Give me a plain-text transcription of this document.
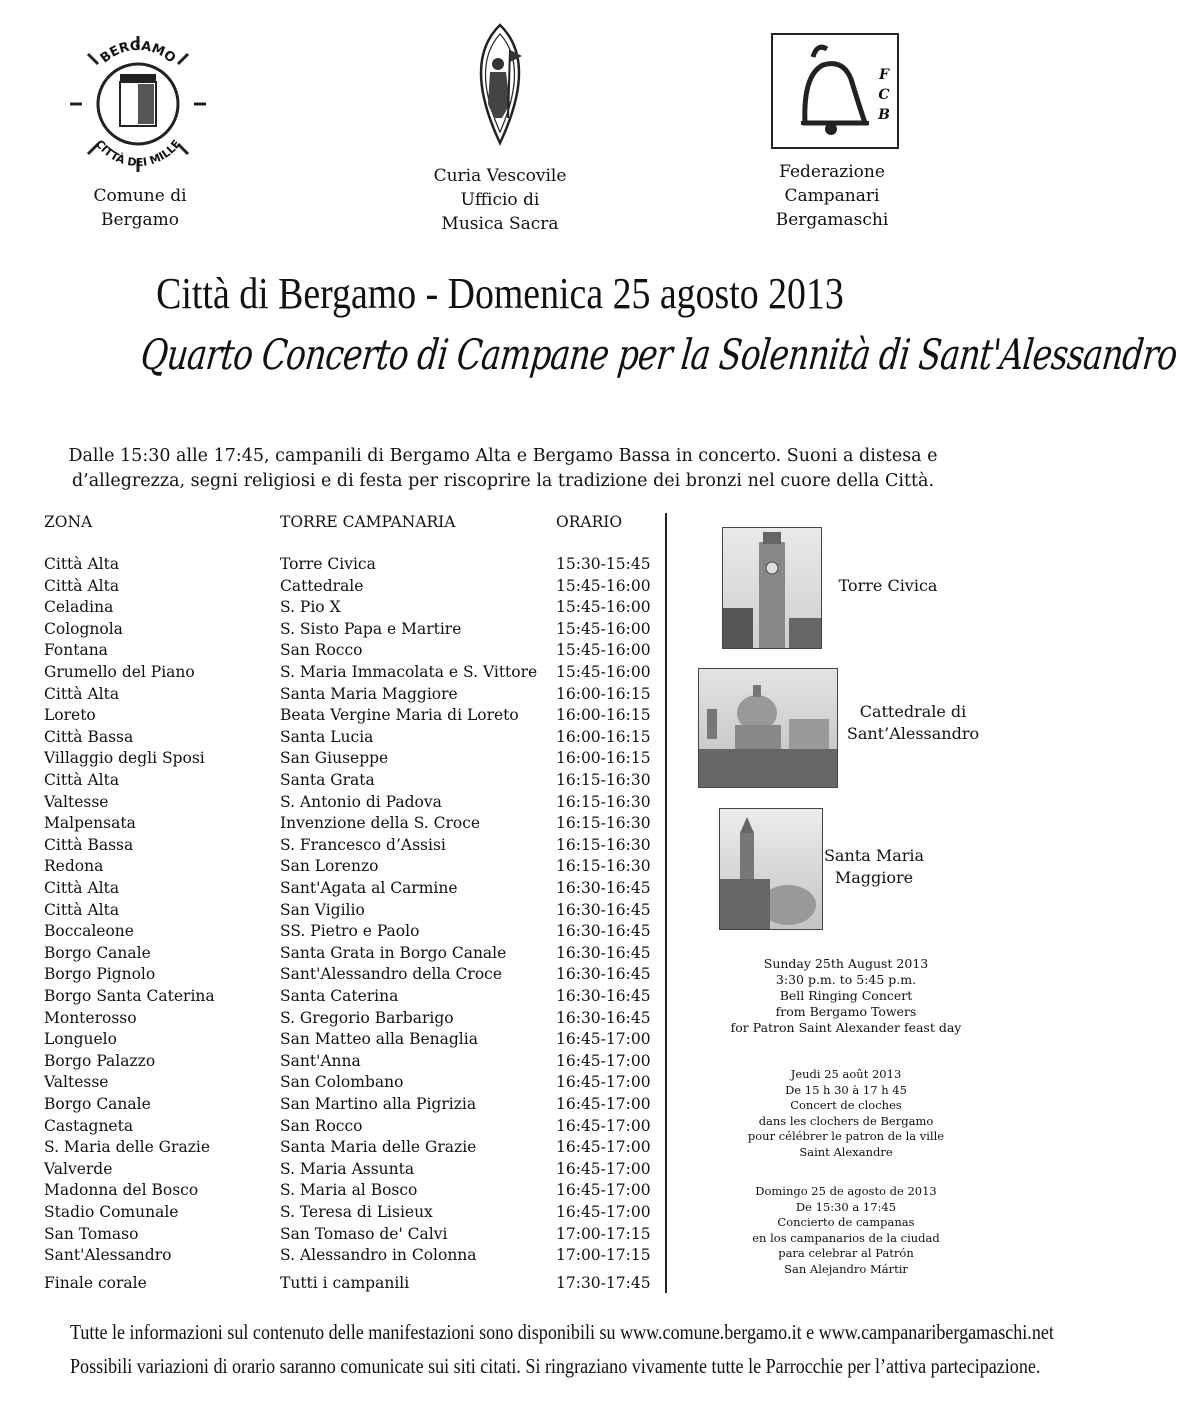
BERGAMO
CITTÀ DEI MILLE
Comune di
Bergamo
Curia Vescovile
Ufficio di
Musica Sacra
FCB
Federazione
Campanari
Bergamaschi
Città di Bergamo - Domenica 25 agosto 2013
Quarto Concerto di Campane per la Solennità di Sant'Alessandro
Dalle 15:30 alle 17:45, campanili di Bergamo Alta e Bergamo Bassa in concerto. Suoni a distesa e
d’allegrezza, segni religiosi e di festa per riscoprire la tradizione dei bronzi nel cuore della Città.
ZONA	TORRE CAMPANARIA	ORARIO
Città Alta	Torre Civica	15:30-15:45
Città Alta	Cattedrale	15:45-16:00
Celadina	S. Pio X	15:45-16:00
Colognola	S. Sisto Papa e Martire	15:45-16:00
Fontana	San Rocco	15:45-16:00
Grumello del Piano	S. Maria Immacolata e S. Vittore 15:45-16:00
Città Alta	Santa Maria Maggiore	16:00-16:15
Loreto	Beata Vergine Maria di Loreto 16:00-16:15
Città Bassa	Santa Lucia	16:00-16:15
Villaggio degli Sposi	San Giuseppe	16:00-16:15
Città Alta	Santa Grata	16:15-16:30
Valtesse	S. Antonio di Padova	16:15-16:30
Malpensata	Invenzione della S. Croce	16:15-16:30
Città Bassa	S. Francesco d’Assisi	16:15-16:30
Redona	San Lorenzo	16:15-16:30
Città Alta	Sant'Agata al Carmine	16:30-16:45
Città Alta	San Vigilio	16:30-16:45
Boccaleone	SS. Pietro e Paolo	16:30-16:45
Borgo Canale	Santa Grata in Borgo Canale	16:30-16:45
Borgo Pignolo	Sant'Alessandro della Croce	16:30-16:45
Borgo Santa Caterina	Santa Caterina	16:30-16:45
Monterosso	S. Gregorio Barbarigo	16:30-16:45
Longuelo	San Matteo alla Benaglia	16:45-17:00
Borgo Palazzo	Sant'Anna	16:45-17:00
Valtesse	San Colombano	16:45-17:00
Borgo Canale	San Martino alla Pigrizia	16:45-17:00
Castagneta	San Rocco	16:45-17:00
S. Maria delle Grazie	Santa Maria delle Grazie	16:45-17:00
Valverde	S. Maria Assunta	16:45-17:00
Madonna del Bosco	S. Maria al Bosco	16:45-17:00
Stadio Comunale	S. Teresa di Lisieux	16:45-17:00
San Tomaso	San Tomaso de' Calvi	17:00-17:15
Sant'Alessandro	S. Alessandro in Colonna	17:00-17:15
Finale corale	Tutti i campanili	17:30-17:45
Torre Civica
Cattedrale di
Sant’Alessandro
Santa Maria
Maggiore
Sunday 25th August 2013
3:30 p.m. to 5:45 p.m.
Bell Ringing Concert
from Bergamo Towers
for Patron Saint Alexander feast day
Jeudi 25 août 2013
De 15 h 30 à 17 h 45
Concert de cloches
dans les clochers de Bergamo
pour célébrer le patron de la ville
Saint Alexandre
Domingo 25 de agosto de 2013
De 15:30 a 17:45
Concierto de campanas
en los campanarios de la ciudad
para celebrar al Patrón
San Alejandro Mártir
Tutte le informazioni sul contenuto delle manifestazioni sono disponibili su www.comune.bergamo.it e www.campanaribergamaschi.net
Possibili variazioni di orario saranno comunicate sui siti citati. Si ringraziano vivamente tutte le Parrocchie per l’attiva partecipazione.
